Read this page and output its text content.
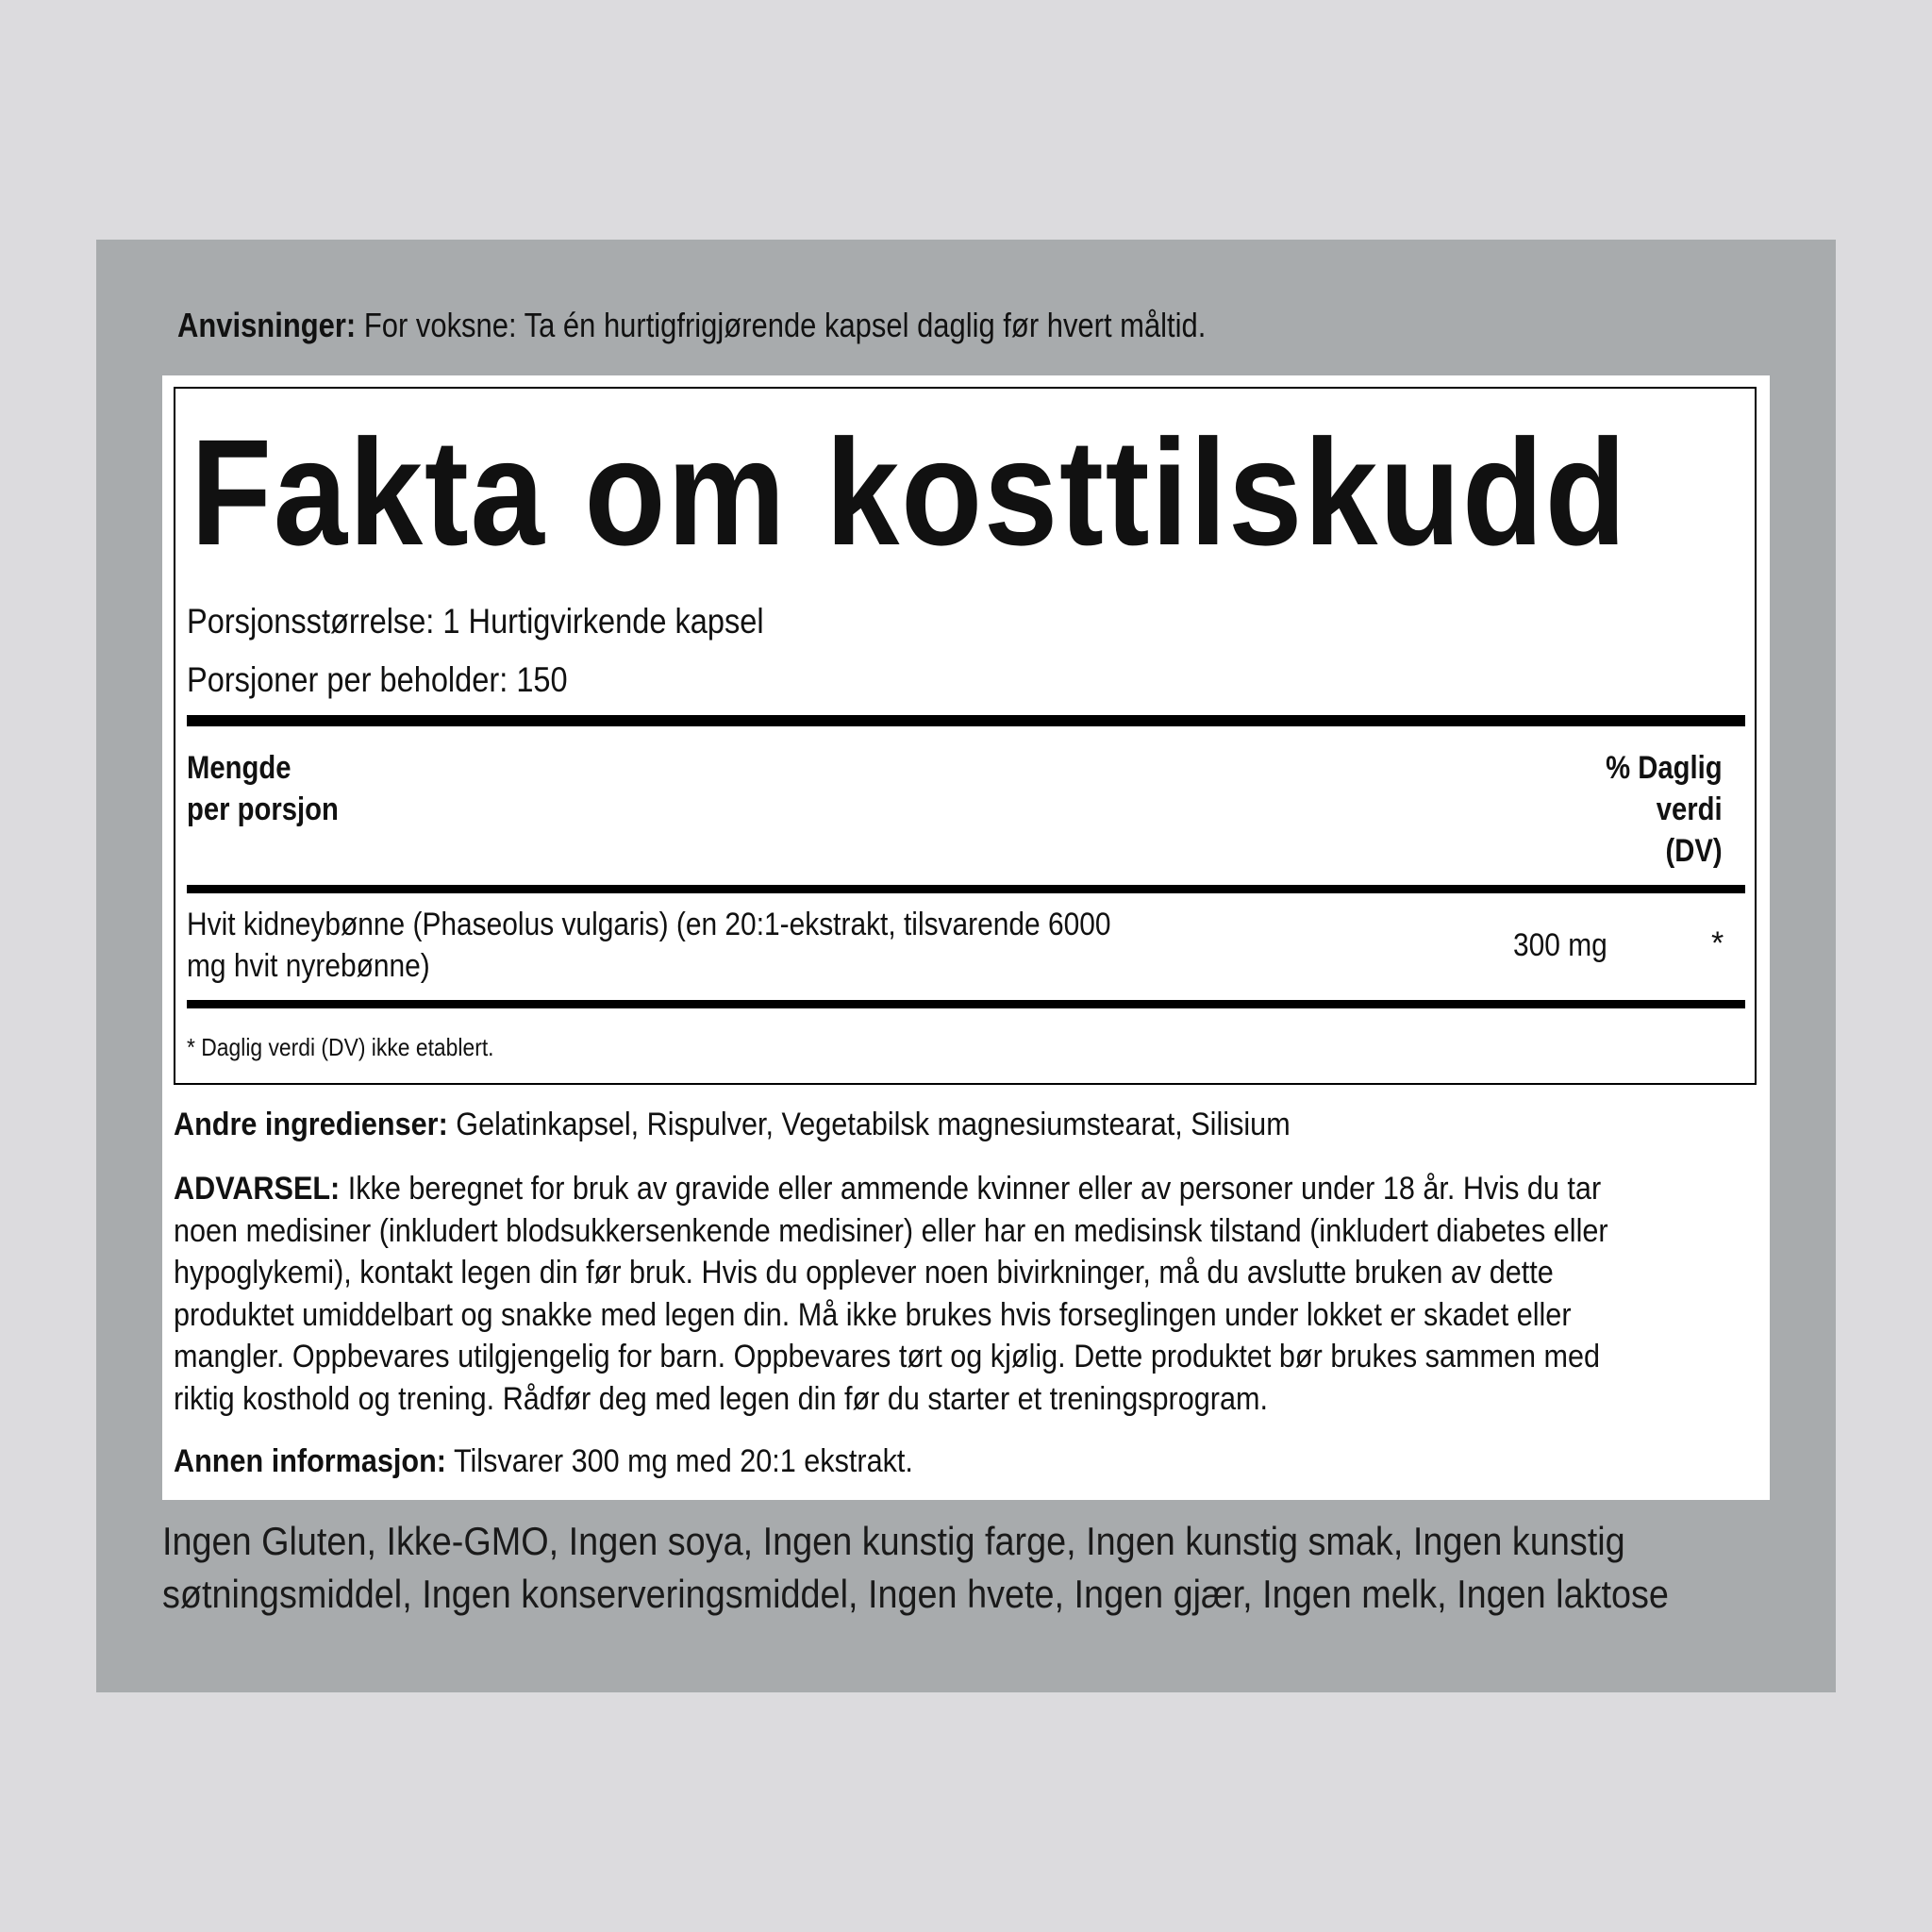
Anvisninger: For voksne: Ta én hurtigfrigjørende kapsel daglig før hvert måltid.
Fakta om kosttilskudd
Porsjonsstørrelse: 1 Hurtigvirkende kapsel
Porsjoner per beholder: 150
Mengde
per porsjon
% Daglig
verdi
(DV)
Hvit kidneybønne (Phaseolus vulgaris) (en 20:1-ekstrakt, tilsvarende 6000 mg hvit nyrebønne)
300 mg	*
* Daglig verdi (DV) ikke etablert.
Andre ingredienser: Gelatinkapsel, Rispulver, Vegetabilsk magnesiumstearat, Silisium
ADVARSEL: Ikke beregnet for bruk av gravide eller ammende kvinner eller av personer under 18 år. Hvis du tar noen medisiner (inkludert blodsukkersenkende medisiner) eller har en medisinsk tilstand (inkludert diabetes eller hypoglykemi), kontakt legen din før bruk. Hvis du opplever noen bivirkninger, må du avslutte bruken av dette produktet umiddelbart og snakke med legen din. Må ikke brukes hvis forseglingen under lokket er skadet eller mangler. Oppbevares utilgjengelig for barn. Oppbevares tørt og kjølig. Dette produktet bør brukes sammen med riktig kosthold og trening. Rådfør deg med legen din før du starter et treningsprogram.
Annen informasjon: Tilsvarer 300 mg med 20:1 ekstrakt.
Ingen Gluten, Ikke-GMO, Ingen soya, Ingen kunstig farge, Ingen kunstig smak, Ingen kunstig søtningsmiddel, Ingen konserveringsmiddel, Ingen hvete, Ingen gjær, Ingen melk, Ingen laktose
